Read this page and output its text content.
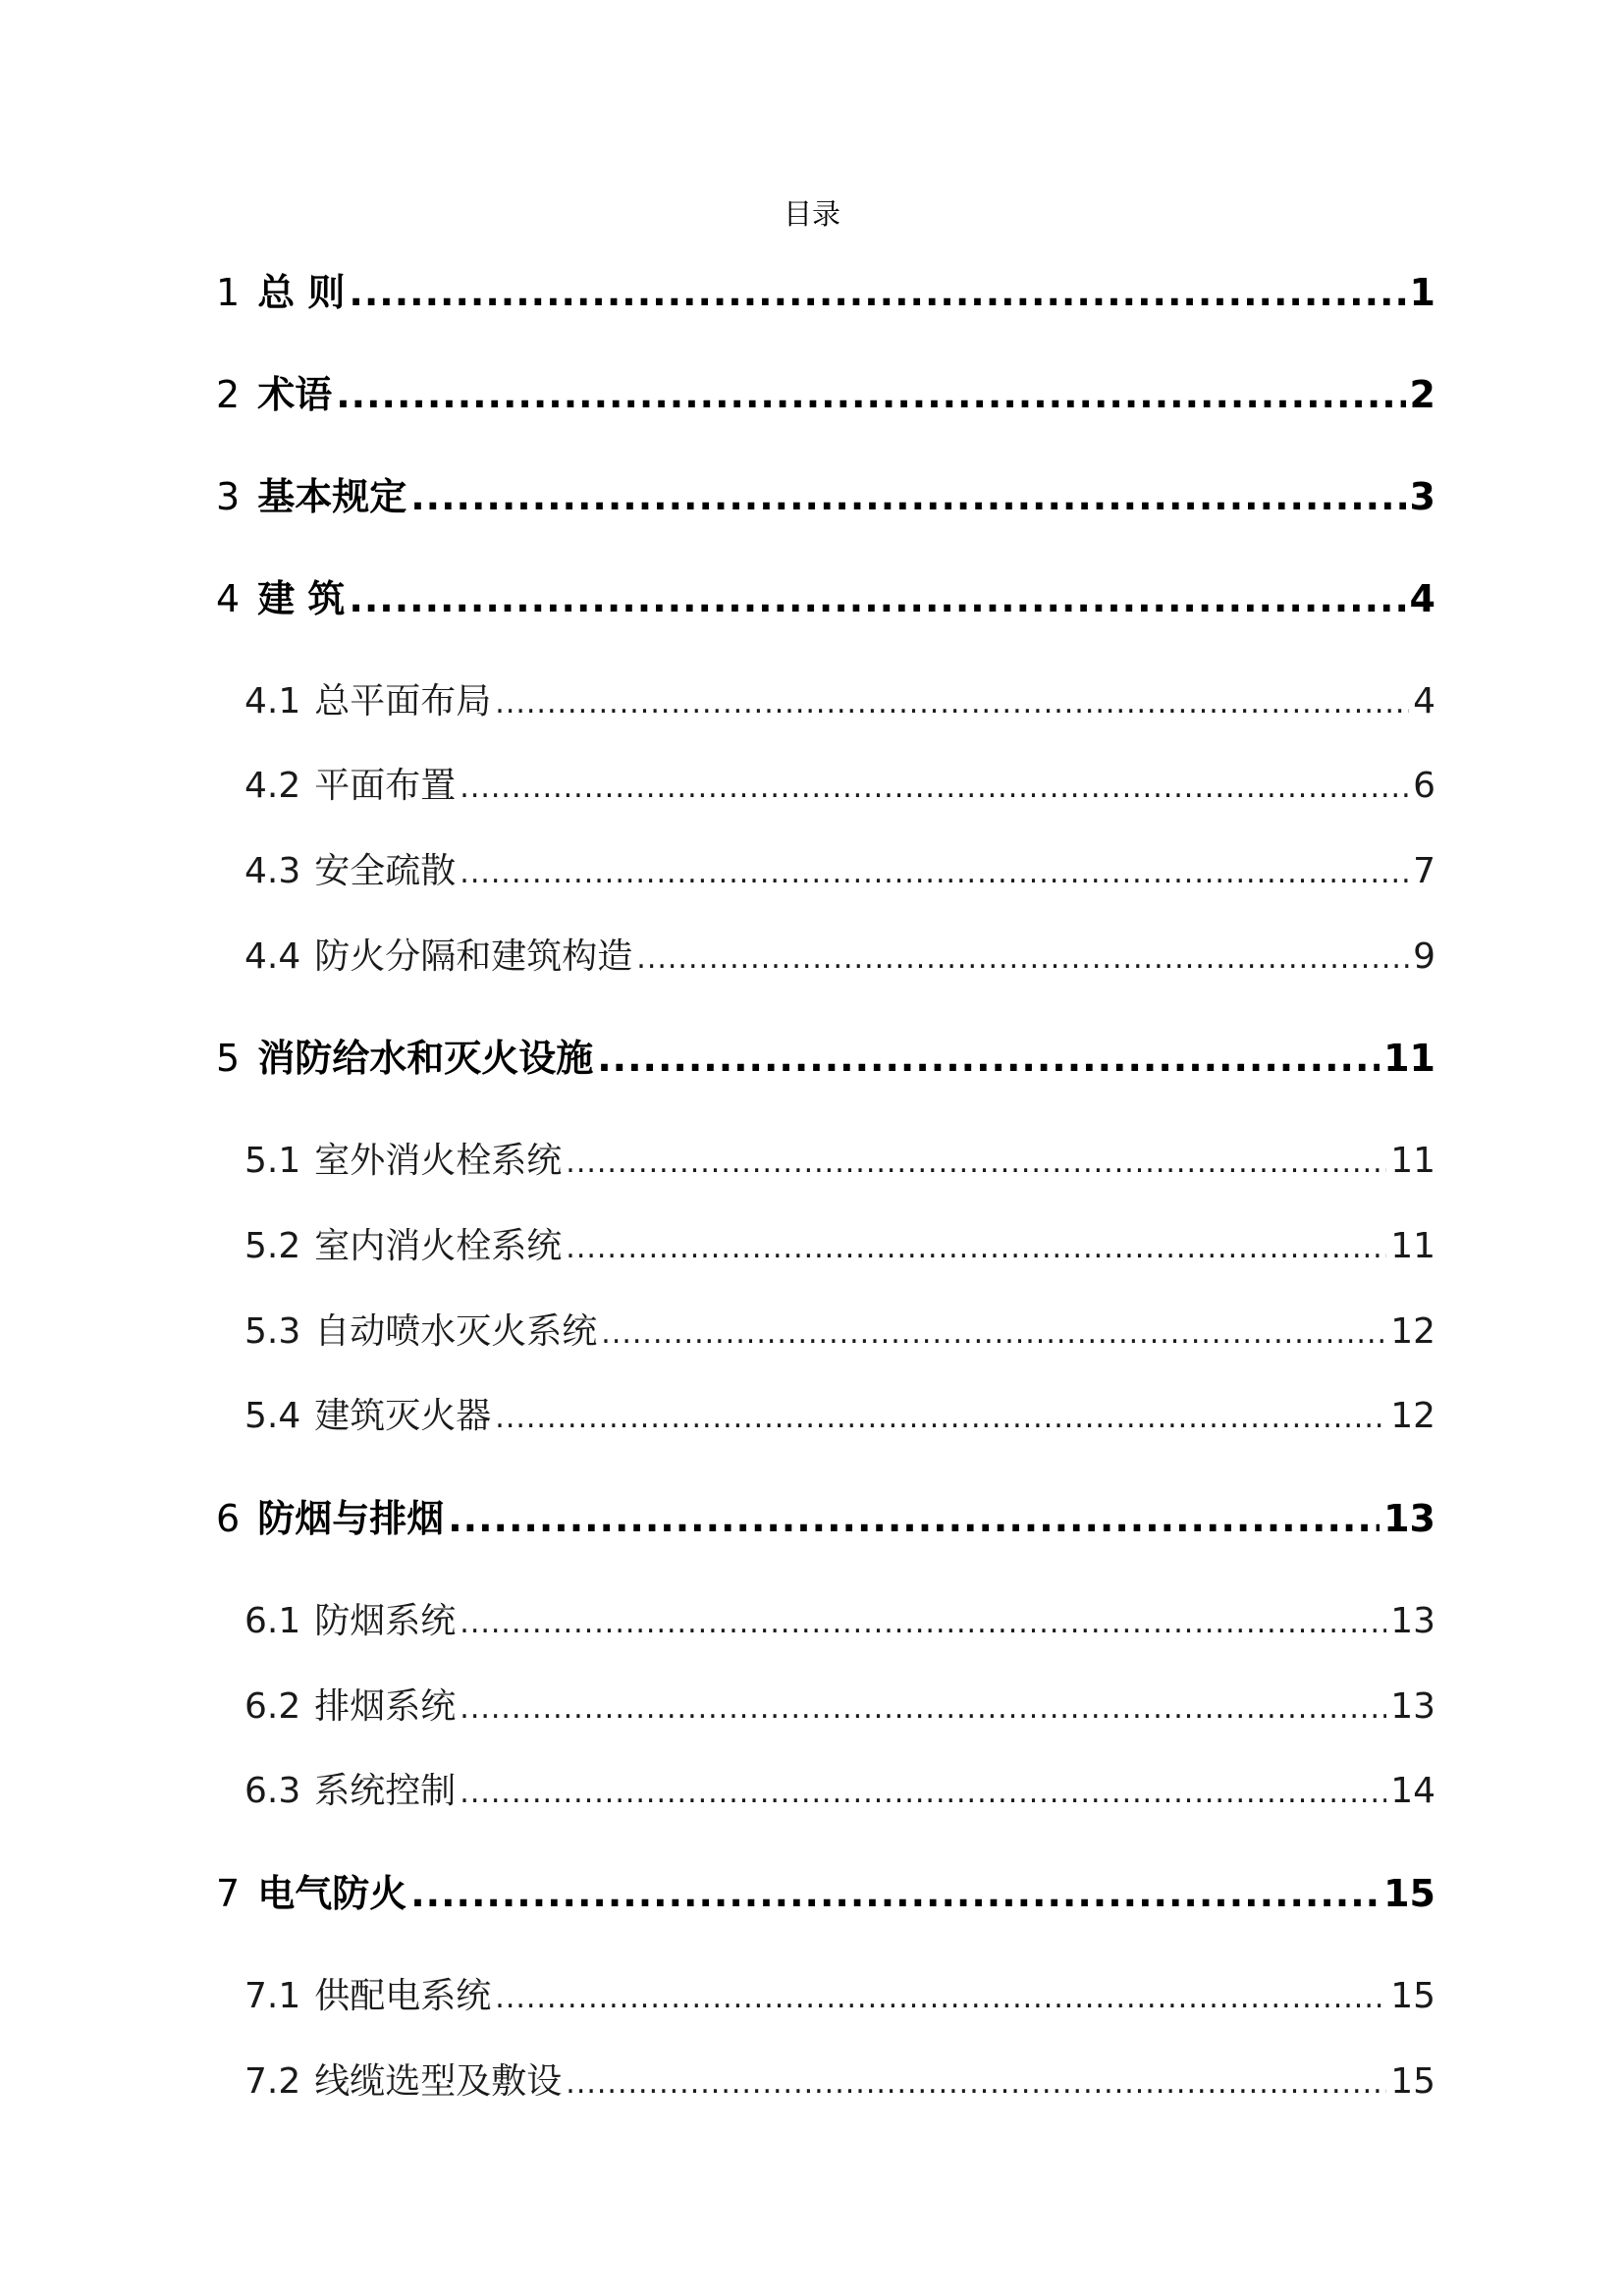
目录
1 总 则 .....	1
2 术语 .....	2
3 基本规定 .....	3
4 建 筑 .....	4
4.1 总平面布局 .....	4
4.2 平面布置 .....	6
4.3 安全疏散 .....	7
4.4 防火分隔和建筑构造 .....	9
5 消防给水和灭火设施 .....	11
5.1 室外消火栓系统 .....	11
5.2 室内消火栓系统 .....	11
5.3 自动喷水灭火系统 .....	12
5.4 建筑灭火器 .....	12
6 防烟与排烟 .....	13
6.1 防烟系统 .....	13
6.2 排烟系统 .....	13
6.3 系统控制 .....	14
7 电气防火 .....	15
7.1 供配电系统 .....	15
7.2 线缆选型及敷设 .....	15
